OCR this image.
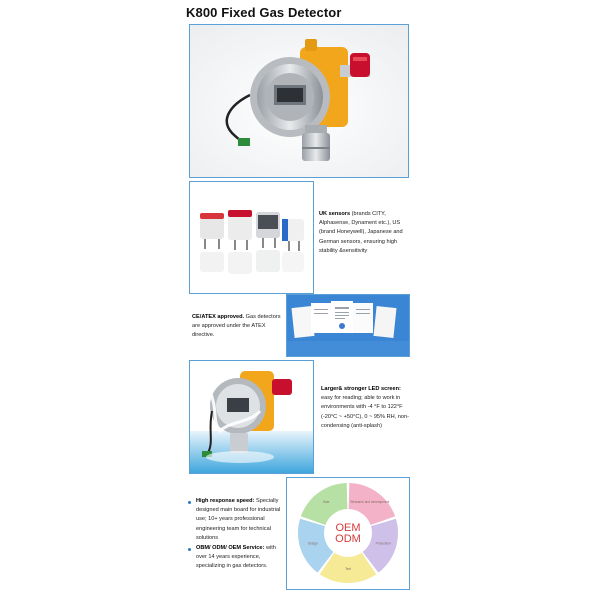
K800 Fixed Gas Detector
UK sensors (brands CITY, Alphasense, Dynament etc.), US (brand Honeywell), Japanese and German sensors, ensuring high stability &sensitivity
CE/ATEX approved. Gas detectors are approved under the ATEX directive.
Larger& stronger LED screen: easy for reading; able to work in environments with -4 °F to 122°F (-20°C ~ +50°C), 0 ~ 95% RH, non-condensing (anti-splash)
High response speed: Specially designed main board for industrial use; 10+ years professional engineering team for technical solutions
OBM/ ODM/ OEM Service: with over 14 years experience, specializing in gas detectors.
Research and development
Production
Test
Design
Sale
OEM
ODM
